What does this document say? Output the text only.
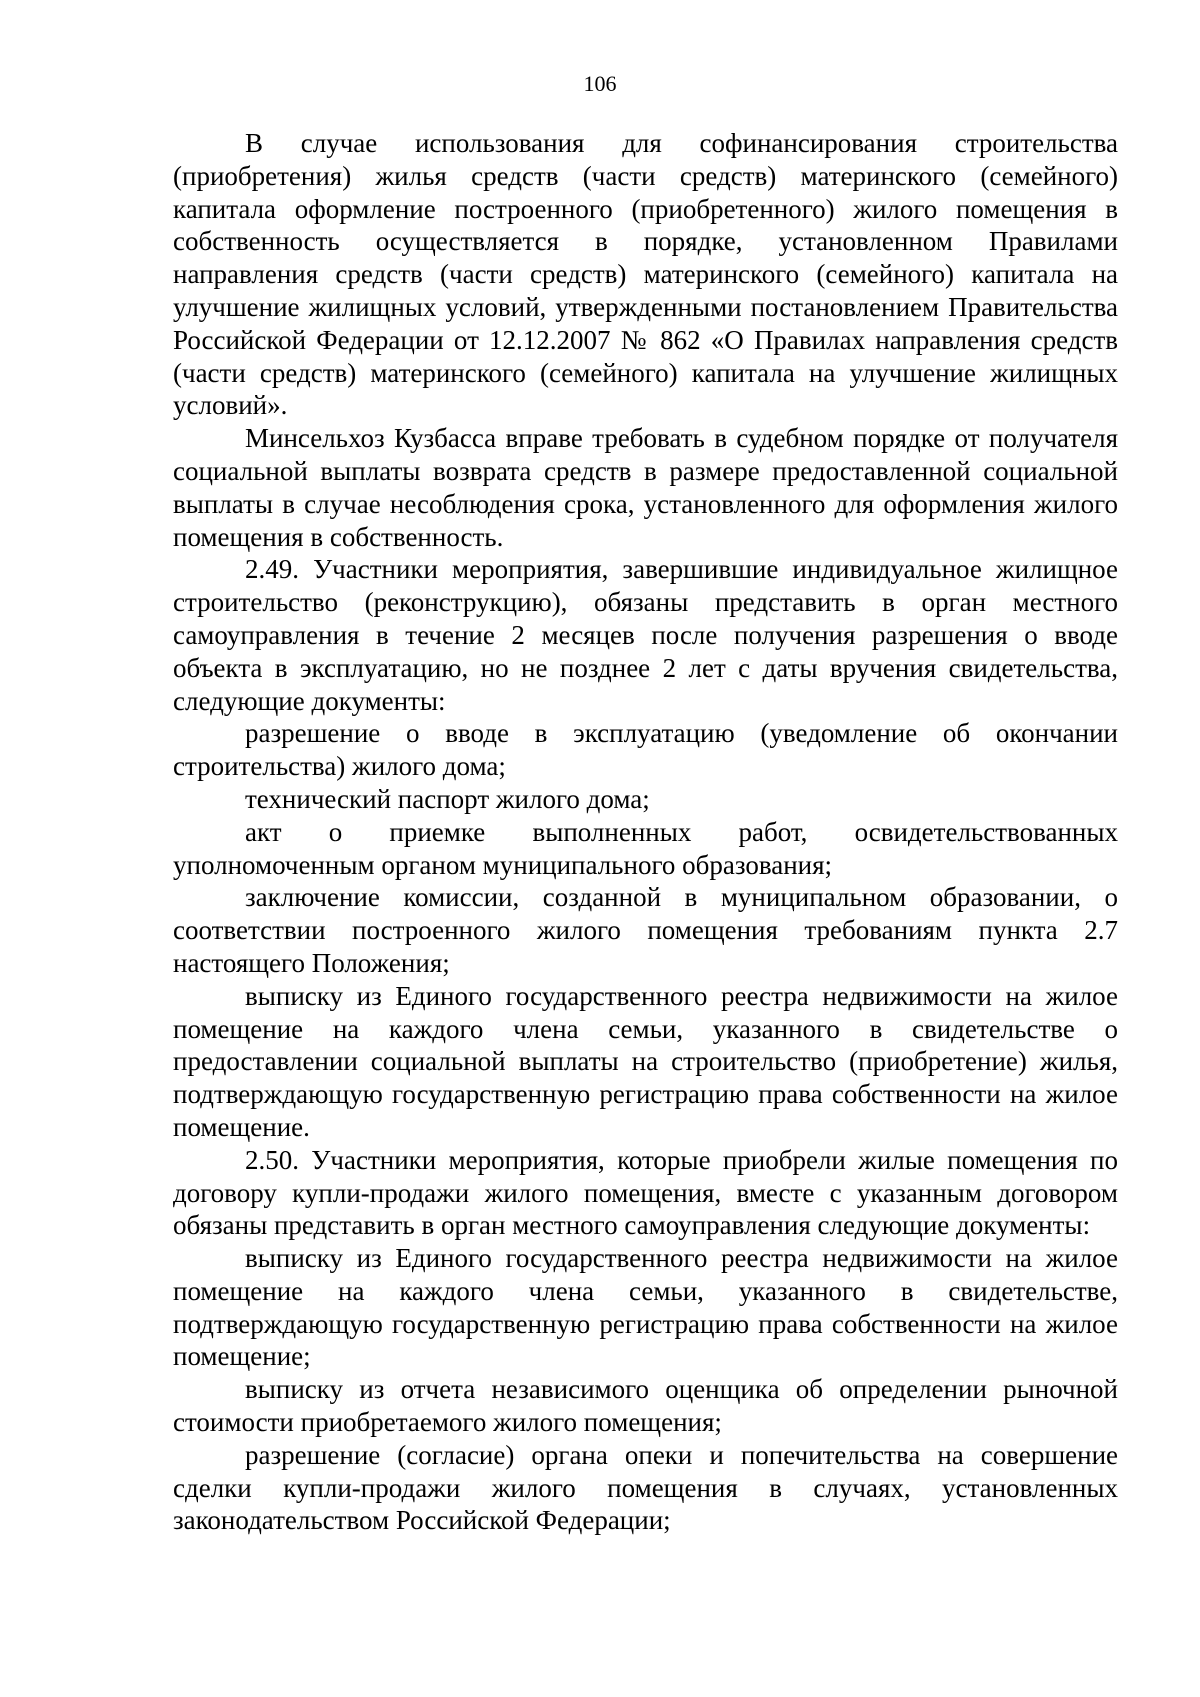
106

В случае использования для софинансирования строительства (приобретения) жилья средств (части средств) материнского (семейного) капитала оформление построенного (приобретенного) жилого помещения в собственность осуществляется в порядке, установленном Правилами направления средств (части средств) материнского (семейного) капитала на улучшение жилищных условий, утвержденными постановлением Правительства Российской Федерации от 12.12.2007 № 862 «О Правилах направления средств (части средств) материнского (семейного) капитала на улучшение жилищных условий».

Минсельхоз Кузбасса вправе требовать в судебном порядке от получателя социальной выплаты возврата средств в размере предоставленной социальной выплаты в случае несоблюдения срока, установленного для оформления жилого помещения в собственность.

2.49. Участники мероприятия, завершившие индивидуальное жилищное строительство (реконструкцию), обязаны представить в орган местного самоуправления в течение 2 месяцев после получения разрешения о вводе объекта в эксплуатацию, но не позднее 2 лет с даты вручения свидетельства, следующие документы:

разрешение о вводе в эксплуатацию (уведомление об окончании строительства) жилого дома;

технический паспорт жилого дома;

акт о приемке выполненных работ, освидетельствованных уполномоченным органом муниципального образования;

заключение комиссии, созданной в муниципальном образовании, о соответствии построенного жилого помещения требованиям пункта 2.7 настоящего Положения;

выписку из Единого государственного реестра недвижимости на жилое помещение на каждого члена семьи, указанного в свидетельстве о предоставлении социальной выплаты на строительство (приобретение) жилья, подтверждающую государственную регистрацию права собственности на жилое помещение.

2.50. Участники мероприятия, которые приобрели жилые помещения по договору купли-продажи жилого помещения, вместе с указанным договором обязаны представить в орган местного самоуправления следующие документы:

выписку из Единого государственного реестра недвижимости на жилое помещение на каждого члена семьи, указанного в свидетельстве, подтверждающую государственную регистрацию права собственности на жилое помещение;

выписку из отчета независимого оценщика об определении рыночной стоимости приобретаемого жилого помещения;

разрешение (согласие) органа опеки и попечительства на совершение сделки купли-продажи жилого помещения в случаях, установленных законодательством Российской Федерации;
